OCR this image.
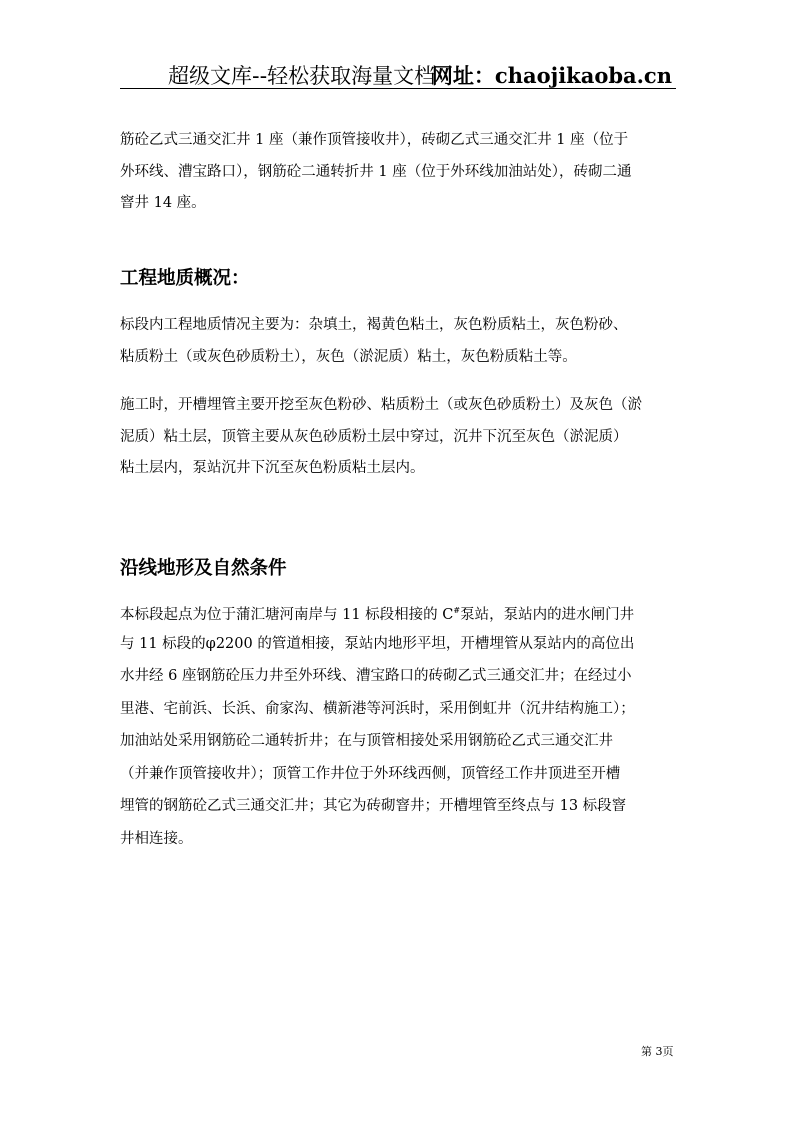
超级文库--轻松获取海量文档
网址：chaojikaoba.cn
筋砼乙式三通交汇井 1 座（兼作顶管接收井），砖砌乙式三通交汇井 1 座（位于
外环线、漕宝路口），钢筋砼二通转折井 1 座（位于外环线加油站处），砖砌二通
窨井 14 座。
工程地质概况：
标段内工程地质情况主要为：杂填土，褐黄色粘土，灰色粉质粘土，灰色粉砂、
粘质粉土（或灰色砂质粉土），灰色（淤泥质）粘土，灰色粉质粘土等。
施工时，开槽埋管主要开挖至灰色粉砂、粘质粉土（或灰色砂质粉土）及灰色（淤
泥质）粘土层，顶管主要从灰色砂质粉土层中穿过，沉井下沉至灰色（淤泥质）
粘土层内，泵站沉井下沉至灰色粉质粘土层内。
沿线地形及自然条件
本标段起点为位于蒲汇塘河南岸与 11 标段相接的 C#泵站，泵站内的进水闸门井
与 11 标段的φ2200 的管道相接，泵站内地形平坦，开槽埋管从泵站内的高位出
水井经 6 座钢筋砼压力井至外环线、漕宝路口的砖砌乙式三通交汇井；在经过小
里港、宅前浜、长浜、俞家沟、横新港等河浜时，采用倒虹井（沉井结构施工）；
加油站处采用钢筋砼二通转折井；在与顶管相接处采用钢筋砼乙式三通交汇井
（并兼作顶管接收井）；顶管工作井位于外环线西侧，顶管经工作井顶进至开槽
埋管的钢筋砼乙式三通交汇井；其它为砖砌窨井；开槽埋管至终点与 13 标段窨
井相连接。
第 3页
